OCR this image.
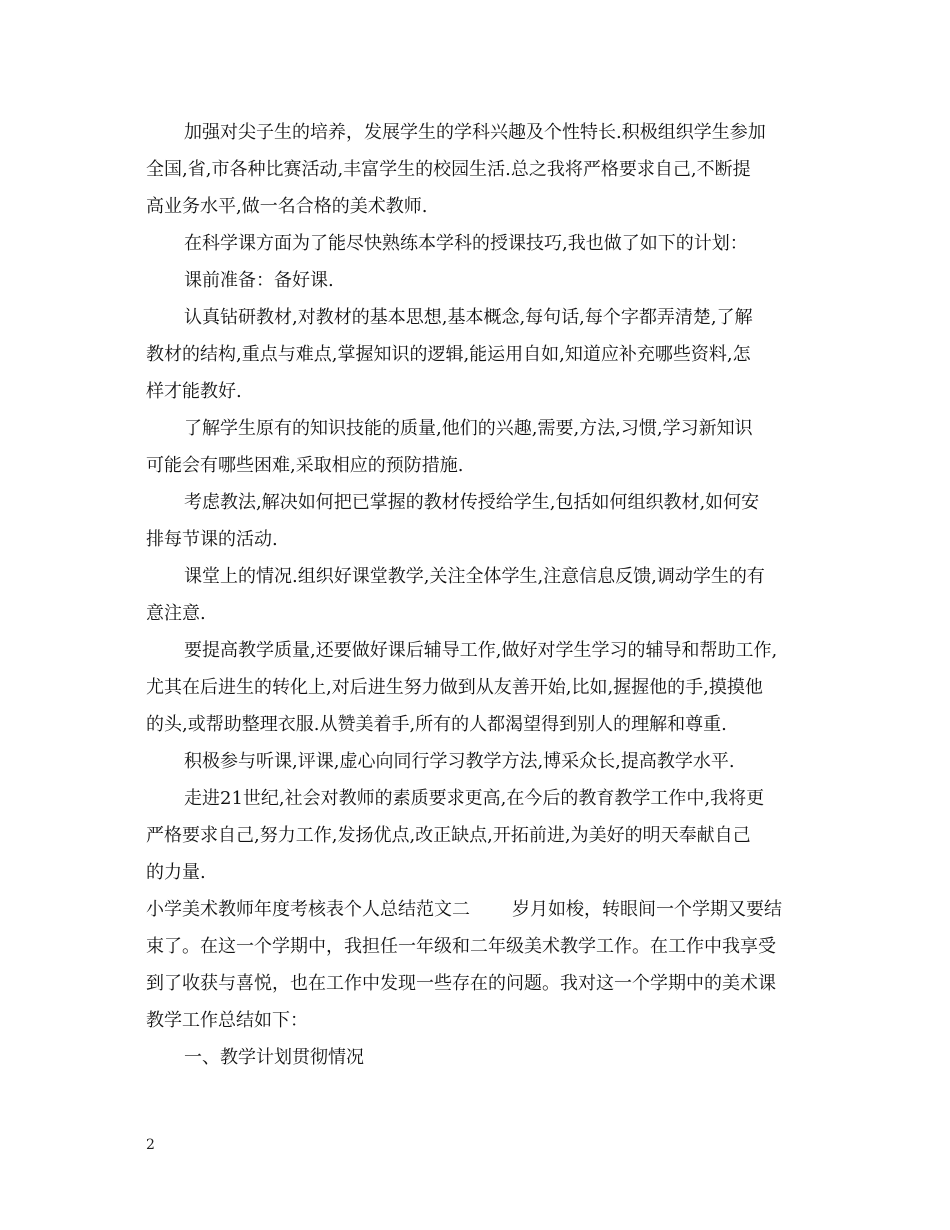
加强对尖子生的培养，发展学生的学科兴趣及个性特长.积极组织学生参加
全国,省,市各种比赛活动,丰富学生的校园生活.总之我将严格要求自己,不断提
高业务水平,做一名合格的美术教师.
在科学课方面为了能尽快熟练本学科的授课技巧,我也做了如下的计划：
课前准备：备好课.
认真钻研教材,对教材的基本思想,基本概念,每句话,每个字都弄清楚,了解
教材的结构,重点与难点,掌握知识的逻辑,能运用自如,知道应补充哪些资料,怎
样才能教好.
了解学生原有的知识技能的质量,他们的兴趣,需要,方法,习惯,学习新知识
可能会有哪些困难,采取相应的预防措施.
考虑教法,解决如何把已掌握的教材传授给学生,包括如何组织教材,如何安
排每节课的活动.
课堂上的情况.组织好课堂教学,关注全体学生,注意信息反馈,调动学生的有
意注意.
要提高教学质量,还要做好课后辅导工作,做好对学生学习的辅导和帮助工作,
尤其在后进生的转化上,对后进生努力做到从友善开始,比如,握握他的手,摸摸他
的头,或帮助整理衣服.从赞美着手,所有的人都渴望得到别人的理解和尊重.
积极参与听课,评课,虚心向同行学习教学方法,博采众长,提高教学水平.
走进21世纪,社会对教师的素质要求更高,在今后的教育教学工作中,我将更
严格要求自己,努力工作,发扬优点,改正缺点,开拓前进,为美好的明天奉献自己
的力量.
小学美术教师年度考核表个人总结范文二 岁月如梭，转眼间一个学期又要结
束了。在这一个学期中，我担任一年级和二年级美术教学工作。在工作中我享受
到了收获与喜悦，也在工作中发现一些存在的问题。我对这一个学期中的美术课
教学工作总结如下：
一、教学计划贯彻情况
2
